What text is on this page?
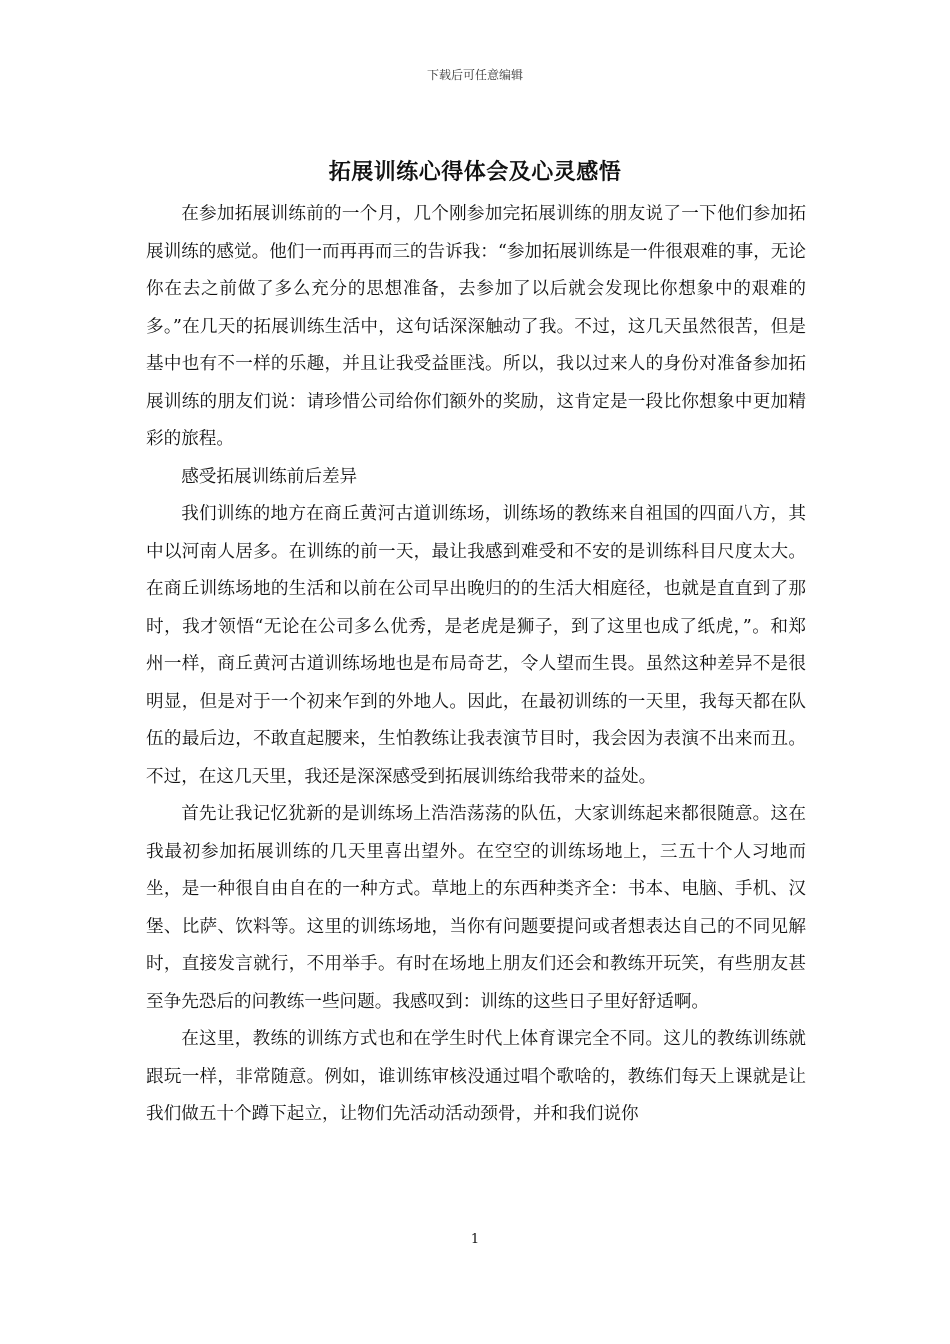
下载后可任意编辑
拓展训练心得体会及心灵感悟

在参加拓展训练前的一个月，几个刚参加完拓展训练的朋友说了一下他们参加拓展训练的感觉。他们一而再再而三的告诉我：“参加拓展训练是一件很艰难的事，无论你在去之前做了多么充分的思想准备，去参加了以后就会发现比你想象中的艰难的多。”在几天的拓展训练生活中，这句话深深触动了我。不过，这几天虽然很苦，但是基中也有不一样的乐趣，并且让我受益匪浅。所以，我以过来人的身份对准备参加拓展训练的朋友们说：请珍惜公司给你们额外的奖励，这肯定是一段比你想象中更加精彩的旅程。

感受拓展训练前后差异

我们训练的地方在商丘黄河古道训练场，训练场的教练来自祖国的四面八方，其中以河南人居多。在训练的前一天，最让我感到难受和不安的是训练科目尺度太大。在商丘训练场地的生活和以前在公司早出晚归的的生活大相庭径，也就是直直到了那时，我才领悟“无论在公司多么优秀，是老虎是狮子，到了这里也成了纸虎，”。和郑州一样，商丘黄河古道训练场地也是布局奇艺，令人望而生畏。虽然这种差异不是很明显，但是对于一个初来乍到的外地人。因此，在最初训练的一天里，我每天都在队伍的最后边，不敢直起腰来，生怕教练让我表演节目时，我会因为表演不出来而丑。不过，在这几天里，我还是深深感受到拓展训练给我带来的益处。

首先让我记忆犹新的是训练场上浩浩荡荡的队伍，大家训练起来都很随意。这在我最初参加拓展训练的几天里喜出望外。在空空的训练场地上，三五十个人习地而坐，是一种很自由自在的一种方式。草地上的东西种类齐全：书本、电脑、手机、汉堡、比萨、饮料等。这里的训练场地，当你有问题要提问或者想表达自己的不同见解时，直接发言就行，不用举手。有时在场地上朋友们还会和教练开玩笑，有些朋友甚至争先恐后的问教练一些问题。我感叹到：训练的这些日子里好舒适啊。

在这里，教练的训练方式也和在学生时代上体育课完全不同。这儿的教练训练就跟玩一样，非常随意。例如，谁训练审核没通过唱个歌啥的，教练们每天上课就是让我们做五十个蹲下起立，让物们先活动活动颈骨，并和我们说你

1
